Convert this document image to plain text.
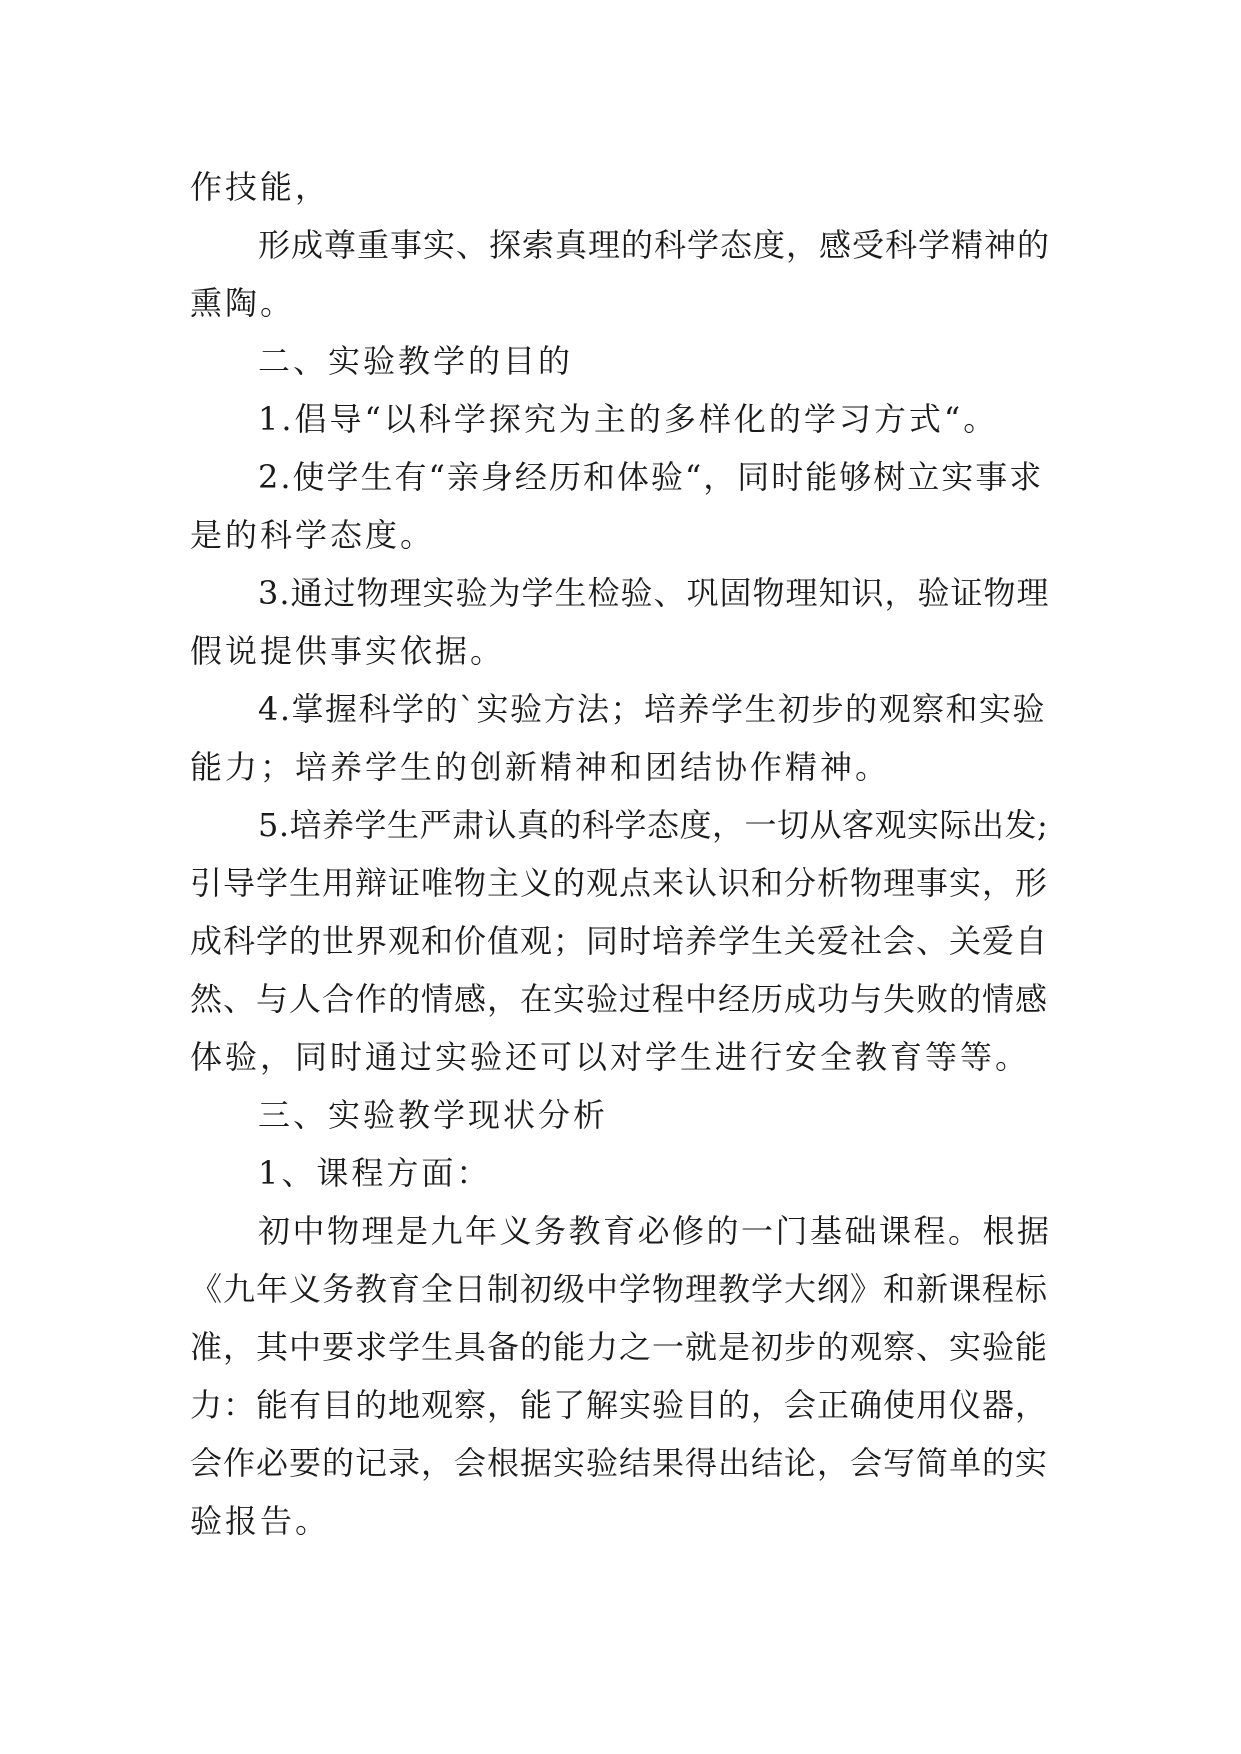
作技能，
形成尊重事实、探索真理的科学态度，感受科学精神的
熏陶。
二、实验教学的目的
1.倡导“以科学探究为主的多样化的学习方式“。
2.使学生有“亲身经历和体验“，同时能够树立实事求
是的科学态度。
3.通过物理实验为学生检验、巩固物理知识，验证物理
假说提供事实依据。
4.掌握科学的`实验方法；培养学生初步的观察和实验
能力；培养学生的创新精神和团结协作精神。
5.培养学生严肃认真的科学态度，一切从客观实际出发;
引导学生用辩证唯物主义的观点来认识和分析物理事实，形
成科学的世界观和价值观；同时培养学生关爱社会、关爱自
然、与人合作的情感，在实验过程中经历成功与失败的情感
体验，同时通过实验还可以对学生进行安全教育等等。
三、实验教学现状分析
1、课程方面：
初中物理是九年义务教育必修的一门基础课程。根据
《九年义务教育全日制初级中学物理教学大纲》和新课程标
准，其中要求学生具备的能力之一就是初步的观察、实验能
力：能有目的地观察，能了解实验目的，会正确使用仪器，
会作必要的记录，会根据实验结果得出结论，会写简单的实
验报告。
